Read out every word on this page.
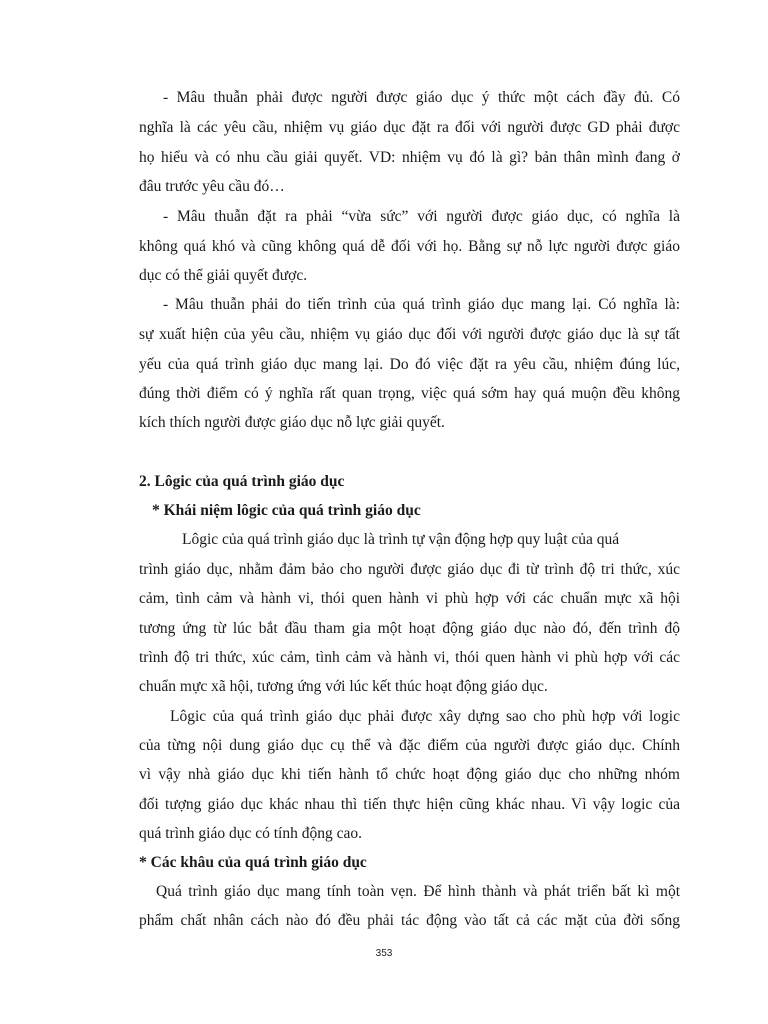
- Mâu thuẫn phải được người được giáo dục ý thức một cách đầy đủ. Có
nghĩa là các yêu cầu, nhiệm vụ giáo dục đặt ra đối với người được GD phải được
họ hiểu và có nhu cầu giải quyết. VD: nhiệm vụ đó là gì? bản thân mình đang ở
đâu trước yêu cầu đó…
- Mâu thuẫn đặt ra phải “vừa sức” với người được giáo dục, có nghĩa là
không quá khó và cũng không quá dễ đối với họ. Bằng sự nỗ lực người được giáo
dục có thể giải quyết được.
- Mâu thuẫn phải do tiến trình của quá trình giáo dục mang lại. Có nghĩa là:
sự xuất hiện của yêu cầu, nhiệm vụ giáo dục đối với người được giáo dục là sự tất
yếu của quá trình giáo dục mang lại. Do đó việc đặt ra yêu cầu, nhiệm đúng lúc,
đúng thời điểm có ý nghĩa rất quan trọng, việc quá sớm hay quá muộn đều không
kích thích người được giáo dục nỗ lực giải quyết.
2. Lôgic của quá trình giáo dục
* Khái niệm lôgic của quá trình giáo dục
Lôgic của quá trình giáo dục là trình tự vận động hợp quy luật của quá
trình giáo dục, nhằm đảm bảo cho người được giáo dục đi từ trình độ tri thức, xúc
cảm, tình cảm và hành vi, thói quen hành vi phù hợp với các chuẩn mực xã hội
tương ứng từ lúc bắt đầu tham gia một hoạt động giáo dục nào đó, đến trình độ
trình độ tri thức, xúc cảm, tình cảm và hành vi, thói quen hành vi phù hợp với các
chuẩn mực xã hội, tương ứng với lúc kết thúc hoạt động giáo dục.
Lôgic của quá trình giáo dục phải được xây dựng sao cho phù hợp với logic
của từng nội dung giáo dục cụ thể và đặc điểm của người được giáo dục. Chính
vì vậy nhà giáo dục khi tiến hành tổ chức hoạt động giáo dục cho những nhóm
đối tượng giáo dục khác nhau thì tiến thực hiện cũng khác nhau. Vì vậy logic của
quá trình giáo dục có tính động cao.
* Các khâu của quá trình giáo dục
Quá trình giáo dục mang tính toàn vẹn. Để hình thành và phát triển bất kì một
phẩm chất nhân cách nào đó đều phải tác động vào tất cả các mặt của đời sống
353
